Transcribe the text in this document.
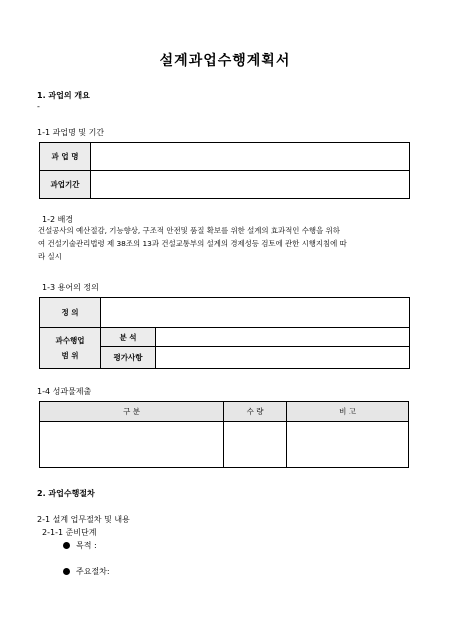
설계과업수행계획서
1. 과업의 개요
-
1-1 과업명 및 기간
과 업 명	
과업기간	
1-2 배경
건설공사의 예산절감, 기능향상, 구조적 안전및 품질 확보를 위한 설계의 효과적인 수행을 위하
여 건설기술관리법령 제 38조의 13과 건설교통부의 설계의 경제성등 검토에 관한 시행지침에 따
라 실시
1-3 용어의 정의
정 의		

과수행업
범 위	분 석	
	평가사항	
1-4 성과물제출
구 분	수 량	비 고

2. 과업수행절차
2-1 설계 업무절차 및 내용
2-1-1 준비단계
목적 :
주요절차:
